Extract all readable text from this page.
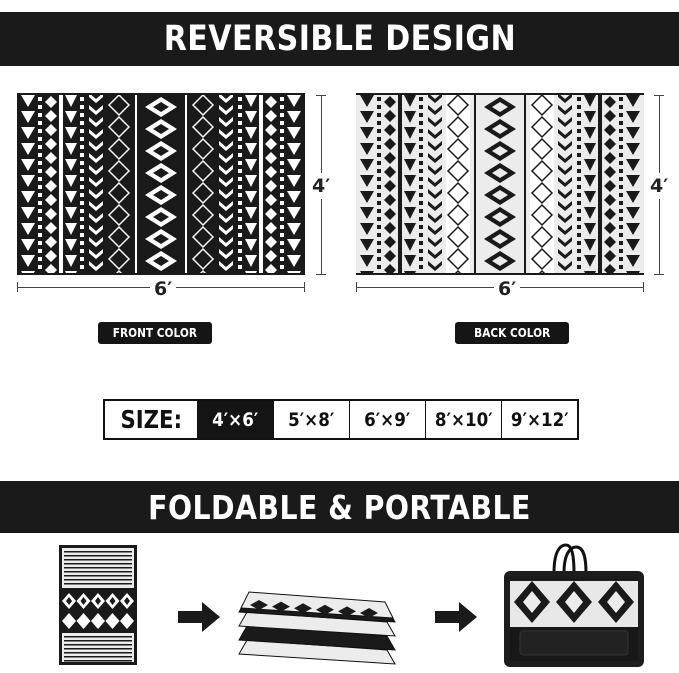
REVERSIBLE DESIGN
6′
4′
6′
4′
FRONT COLOR	BACK COLOR
SIZE: 4′×6′ 5′×8′ 6′×9′ 8′×10′ 9′×12′
FOLDABLE & PORTABLE
